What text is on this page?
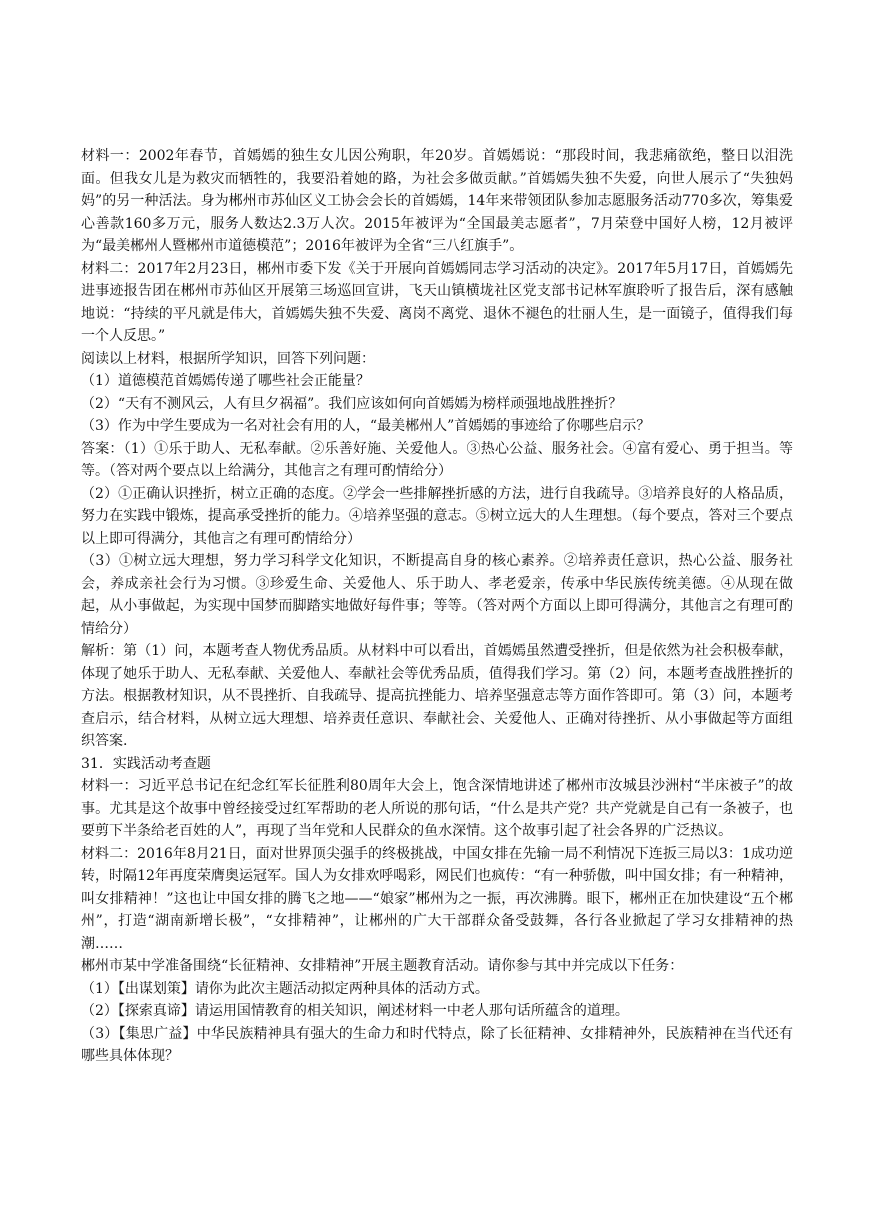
材料一：2002年春节，首嫣嫣的独生女儿因公殉职，年20岁。首嫣嫣说：“那段时间，我悲痛欲绝，整日以泪洗面。但我女儿是为救灾而牺牲的，我要沿着她的路，为社会多做贡献。”首嫣嫣失独不失爱，向世人展示了“失独妈妈”的另一种活法。身为郴州市苏仙区义工协会会长的首嫣嫣，14年来带领团队参加志愿服务活动770多次，筹集爱心善款160多万元，服务人数达2.3万人次。2015年被评为“全国最美志愿者”，7月荣登中国好人榜，12月被评为“最美郴州人暨郴州市道德模范”；2016年被评为全省“三八红旗手”。

材料二：2017年2月23日，郴州市委下发《关于开展向首嫣嫣同志学习活动的决定》。2017年5月17日，首嫣嫣先进事迹报告团在郴州市苏仙区开展第三场巡回宣讲，飞天山镇横垅社区党支部书记林军旗聆听了报告后，深有感触地说：“持续的平凡就是伟大，首嫣嫣失独不失爱、离岗不离党、退休不褪色的壮丽人生，是一面镜子，值得我们每一个人反思。”

阅读以上材料，根据所学知识，回答下列问题：

（1）道德模范首嫣嫣传递了哪些社会正能量？

（2）“天有不测风云，人有旦夕祸福”。我们应该如何向首嫣嫣为榜样顽强地战胜挫折？

（3）作为中学生要成为一名对社会有用的人，“最美郴州人”首嫣嫣的事迹给了你哪些启示？

答案：（1）①乐于助人、无私奉献。②乐善好施、关爱他人。③热心公益、服务社会。④富有爱心、勇于担当。等等。（答对两个要点以上给满分，其他言之有理可酌情给分）

（2）①正确认识挫折，树立正确的态度。②学会一些排解挫折感的方法，进行自我疏导。③培养良好的人格品质，努力在实践中锻炼，提高承受挫折的能力。④培养坚强的意志。⑤树立远大的人生理想。（每个要点，答对三个要点以上即可得满分，其他言之有理可酌情给分）

（3）①树立远大理想，努力学习科学文化知识，不断提高自身的核心素养。②培养责任意识，热心公益、服务社会，养成亲社会行为习惯。③珍爱生命、关爱他人、乐于助人、孝老爱亲，传承中华民族传统美德。④从现在做起，从小事做起，为实现中国梦而脚踏实地做好每件事；等等。（答对两个方面以上即可得满分，其他言之有理可酌情给分）

解析：第（1）问，本题考查人物优秀品质。从材料中可以看出，首嫣嫣虽然遭受挫折，但是依然为社会积极奉献，体现了她乐于助人、无私奉献、关爱他人、奉献社会等优秀品质，值得我们学习。第（2）问，本题考查战胜挫折的方法。根据教材知识，从不畏挫折、自我疏导、提高抗挫能力、培养坚强意志等方面作答即可。第（3）问，本题考查启示，结合材料，从树立远大理想、培养责任意识、奉献社会、关爱他人、正确对待挫折、从小事做起等方面组织答案.

31．实践活动考查题

材料一：习近平总书记在纪念红军长征胜利80周年大会上，饱含深情地讲述了郴州市汝城县沙洲村“半床被子”的故事。尤其是这个故事中曾经接受过红军帮助的老人所说的那句话，“什么是共产党？共产党就是自己有一条被子，也要剪下半条给老百姓的人”，再现了当年党和人民群众的鱼水深情。这个故事引起了社会各界的广泛热议。

材料二：2016年8月21日，面对世界顶尖强手的终极挑战，中国女排在先输一局不利情况下连扳三局以3：1成功逆转，时隔12年再度荣膺奥运冠军。国人为女排欢呼喝彩，网民们也疯传：“有一种骄傲，叫中国女排；有一种精神，叫女排精神！”这也让中国女排的腾飞之地——“娘家”郴州为之一振，再次沸腾。眼下，郴州正在加快建设“五个郴州”，打造“湖南新增长极”，“女排精神”，让郴州的广大干部群众备受鼓舞，各行各业掀起了学习女排精神的热潮……

郴州市某中学准备围绕“长征精神、女排精神”开展主题教育活动。请你参与其中并完成以下任务：

（1）【出谋划策】请你为此次主题活动拟定两种具体的活动方式。

（2）【探索真谛】请运用国情教育的相关知识，阐述材料一中老人那句话所蕴含的道理。

（3）【集思广益】中华民族精神具有强大的生命力和时代特点，除了长征精神、女排精神外，民族精神在当代还有哪些具体体现？
